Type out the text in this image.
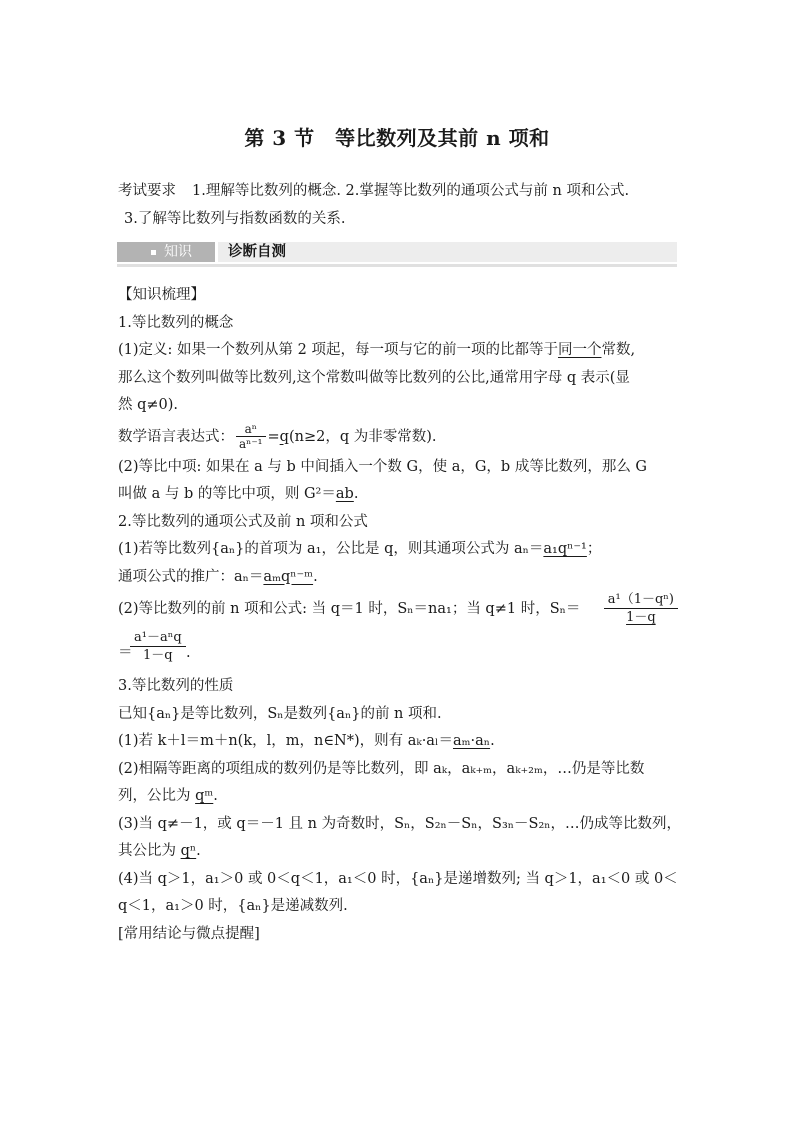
第 3 节　等比数列及其前 n 项和
考试要求 1.理解等比数列的概念. 2.掌握等比数列的通项公式与前 n 项和公式.
3.了解等比数列与指数函数的关系.
知识	诊断自测
【知识梳理】
1.等比数列的概念
(1)定义: 如果一个数列从第 2 项起，每一项与它的前一项的比都等于同一个常数,
那么这个数列叫做等比数列,这个常数叫做等比数列的公比,通常用字母 q 表示(显
然 q≠0).
数学语言表达式： $\frac{\text{aⁿ}}{\text{aⁿ⁻¹}} =q(n\ge 2$，q 为非零常数).
(2)等比中项: 如果在 a 与 b 中间插入一个数 G，使 a，G，b 成等比数列，那么 G
叫做 a 与 b 的等比中项，则 G²＝ab.
2.等比数列的通项公式及前 n 项和公式
(1)若等比数列{aₙ}的首项为 a₁，公比是 q，则其通项公式为 aₙ＝a₁qⁿ⁻¹；
通项公式的推广：aₙ＝aₘqⁿ⁻ᵐ.
(2)等比数列的前 n 项和公式: 当 q＝1 时，Sₙ＝na₁；当 q≠1 时，$S_n= \frac{\text{a¹（1－qⁿ)}}{1-q}$
＝
a¹－aⁿq
1－q .
3.等比数列的性质
已知{aₙ}是等比数列，Sₙ是数列{aₙ}的前 n 项和.
(1)若 k＋l＝m＋n(k，l，m，n∈N*)，则有 aₖ·aₗ＝aₘ·aₙ.
(2)相隔等距离的项组成的数列仍是等比数列，即 aₖ，aₖ₊ₘ，aₖ₊₂ₘ，…仍是等比数
列，公比为 qᵐ.
(3)当 q≠－1，或 q＝－1 且 n 为奇数时，Sₙ，S₂ₙ－Sₙ，S₃ₙ－S₂ₙ，…仍成等比数列，
其公比为 qⁿ.
(4)当 q＞1，a₁＞0 或 0＜q＜1，a₁＜0 时，{aₙ}是递增数列; 当 q＞1，a₁＜0 或 0＜
q＜1，a₁＞0 时，{aₙ}是递减数列.
[常用结论与微点提醒]
